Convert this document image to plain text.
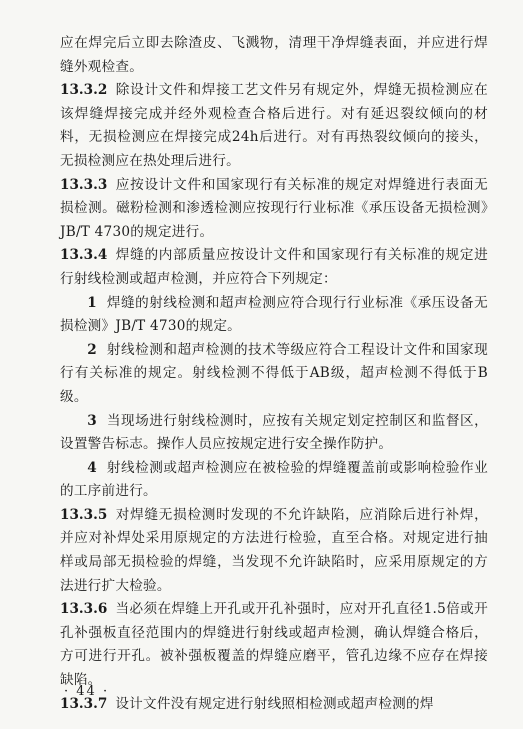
应在焊完后立即去除渣皮、飞溅物，清理干净焊缝表面，并应进行焊缝外观检查。

13.3.2 除设计文件和焊接工艺文件另有规定外，焊缝无损检测应在该焊缝焊接完成并经外观检查合格后进行。对有延迟裂纹倾向的材料，无损检测应在焊接完成24h后进行。对有再热裂纹倾向的接头，无损检测应在热处理后进行。

13.3.3 应按设计文件和国家现行有关标准的规定对焊缝进行表面无损检测。磁粉检测和渗透检测应按现行行业标准《承压设备无损检测》JB/T 4730的规定进行。

13.3.4 焊缝的内部质量应按设计文件和国家现行有关标准的规定进行射线检测或超声检测，并应符合下列规定：

1 焊缝的射线检测和超声检测应符合现行行业标准《承压设备无损检测》JB/T 4730的规定。

2 射线检测和超声检测的技术等级应符合工程设计文件和国家现行有关标准的规定。射线检测不得低于AB级，超声检测不得低于B级。

3 当现场进行射线检测时，应按有关规定划定控制区和监督区，设置警告标志。操作人员应按规定进行安全操作防护。

4 射线检测或超声检测应在被检验的焊缝覆盖前或影响检验作业的工序前进行。

13.3.5 对焊缝无损检测时发现的不允许缺陷，应消除后进行补焊，并应对补焊处采用原规定的方法进行检验，直至合格。对规定进行抽样或局部无损检验的焊缝，当发现不允许缺陷时，应采用原规定的方法进行扩大检验。

13.3.6 当必须在焊缝上开孔或开孔补强时，应对开孔直径1.5倍或开孔补强板直径范围内的焊缝进行射线或超声检测，确认焊缝合格后，方可进行开孔。被补强板覆盖的焊缝应磨平，管孔边缘不应存在焊接缺陷。

13.3.7 设计文件没有规定进行射线照相检测或超声检测的焊

· 44 ·
